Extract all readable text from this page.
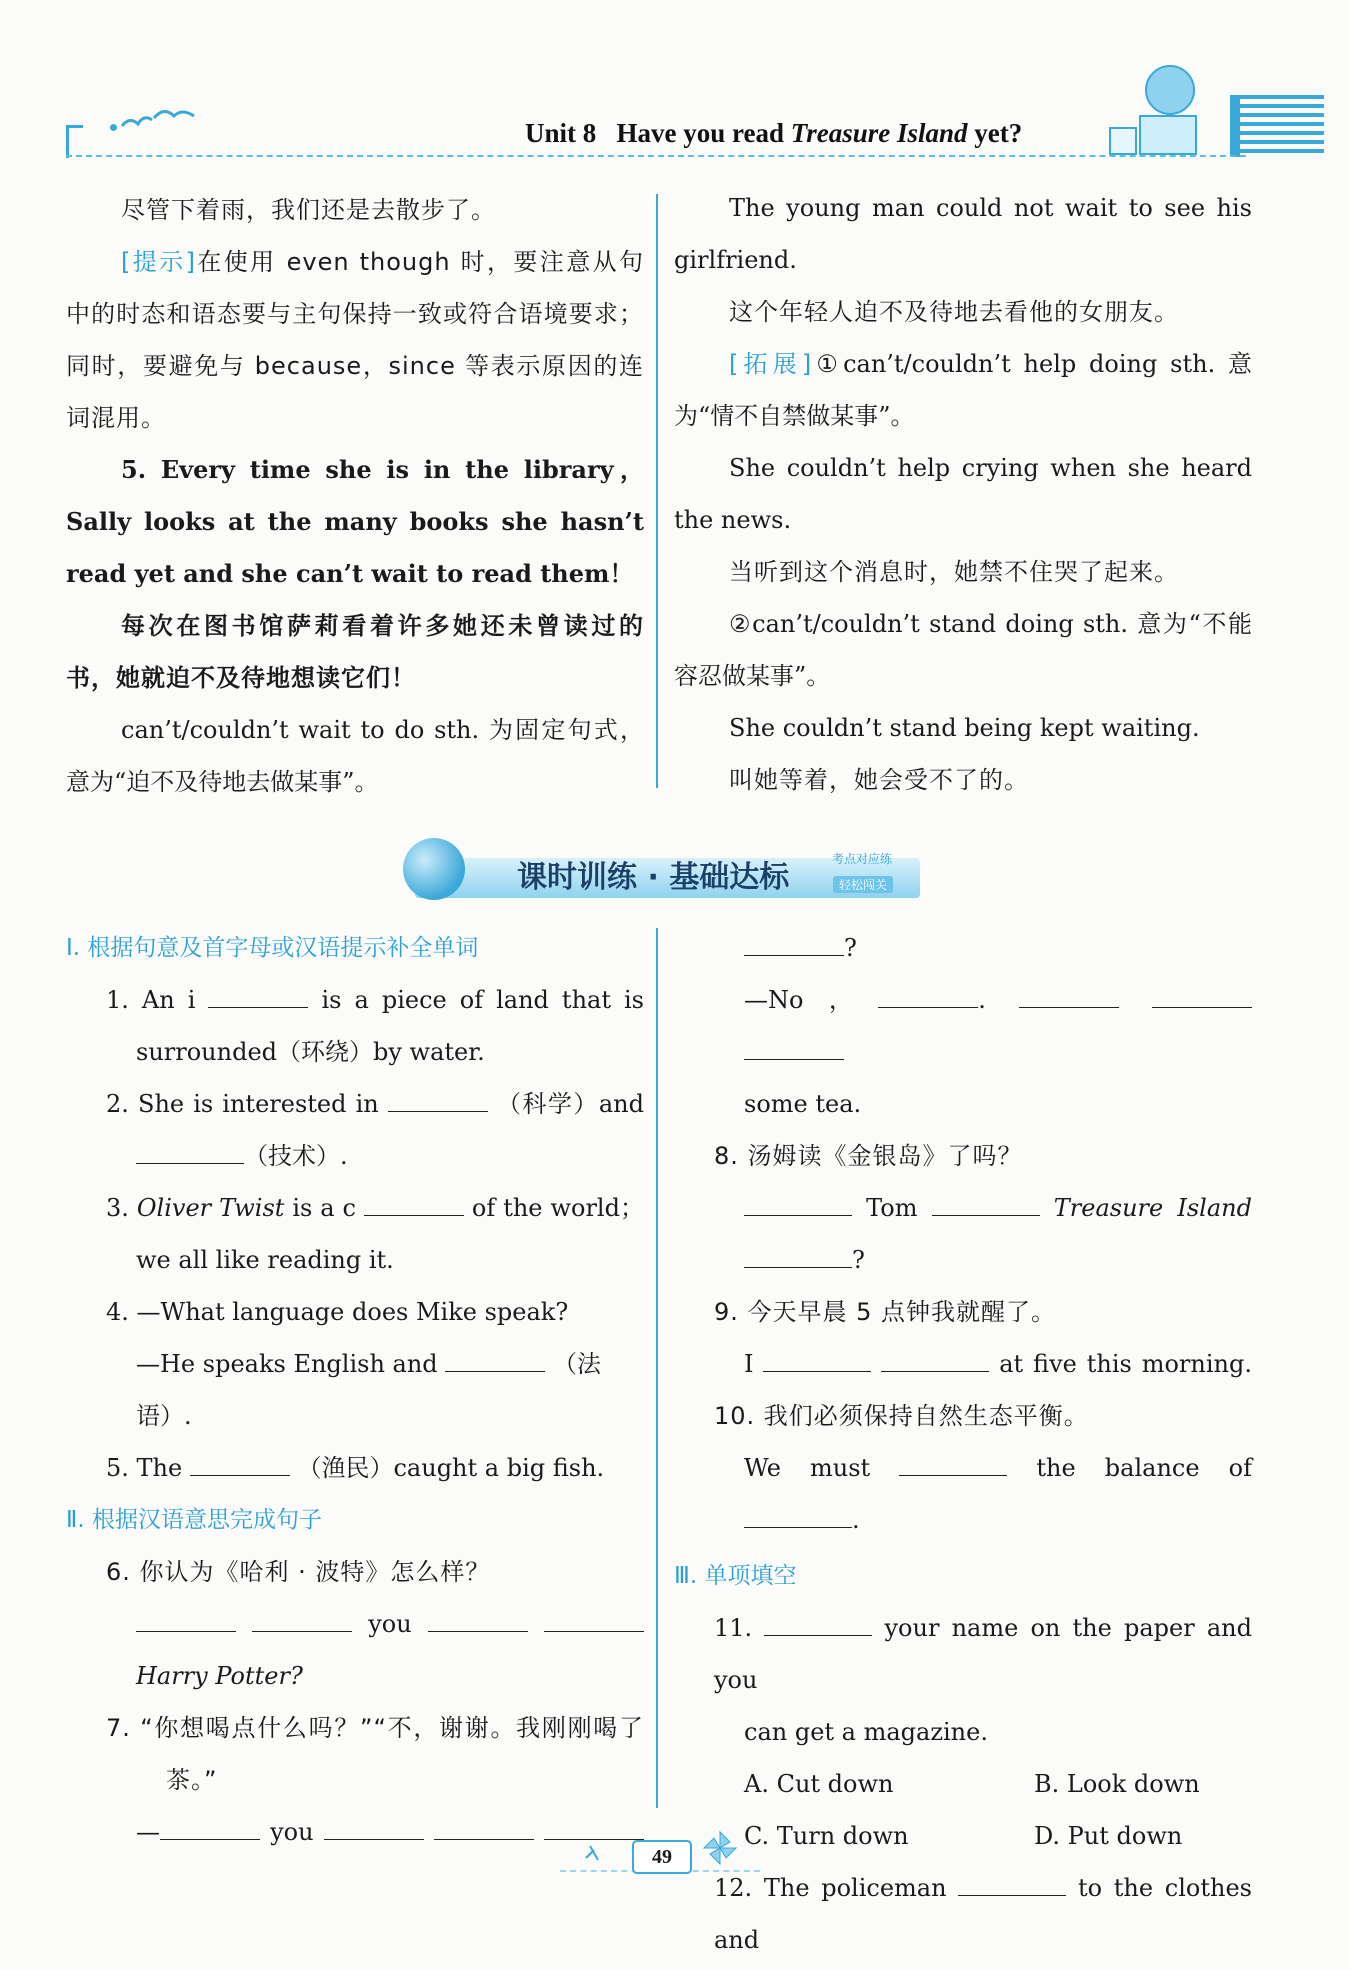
Unit 8 Have you read Treasure Island yet?

尽管下着雨，我们还是去散步了。

[提示]在使用 even though 时，要注意从句中的时态和语态要与主句保持一致或符合语境要求；同时，要避免与 because，since 等表示原因的连词混用。

5. Every time she is in the library，Sally looks at the many books she hasn’t read yet and she can’t wait to read them！

每次在图书馆萨莉看着许多她还未曾读过的书，她就迫不及待地想读它们！

can’t/couldn’t wait to do sth. 为固定句式，意为“迫不及待地去做某事”。

The young man could not wait to see his girlfriend.

这个年轻人迫不及待地去看他的女朋友。

[拓展]①can’t/couldn’t help doing sth. 意为“情不自禁做某事”。

She couldn’t help crying when she heard the news.

当听到这个消息时，她禁不住哭了起来。

②can’t/couldn’t stand doing sth. 意为“不能容忍做某事”。

She couldn’t stand being kept waiting.

叫她等着，她会受不了的。

课时训练 · 基础达标
考点对应练
轻松闯关
Ⅰ. 根据句意及首字母或汉语提示补全单词

1. An i	is a piece of land that is

surrounded（环绕）by water.

2. She is interested in	（科学）and

（技术）.

3. Oliver Twist is a c	of the world；

we all like reading it.

4. —What language does Mike speak?

—He speaks English and	（法语）.

5. The	（渔民）caught a big fish.

Ⅱ. 根据汉语意思完成句子

6. 你认为《哈利 · 波特》怎么样？

you

Harry Potter?

7. “你想喝点什么吗？”“不，谢谢。我刚刚喝了茶。”

—	you

?

—No，	.

some tea.

8. 汤姆读《金银岛》了吗？

Tom	Treasure Island

?

9. 今天早晨 5 点钟我就醒了。

I	at five this morning.

10. 我们必须保持自然生态平衡。

We must	the balance of

.

Ⅲ. 单项填空

11.	your name on the paper and you

can get a magazine.

A. Cut down	B. Look down

C. Turn down	D. Put down

12. The policeman	to the clothes and

49
